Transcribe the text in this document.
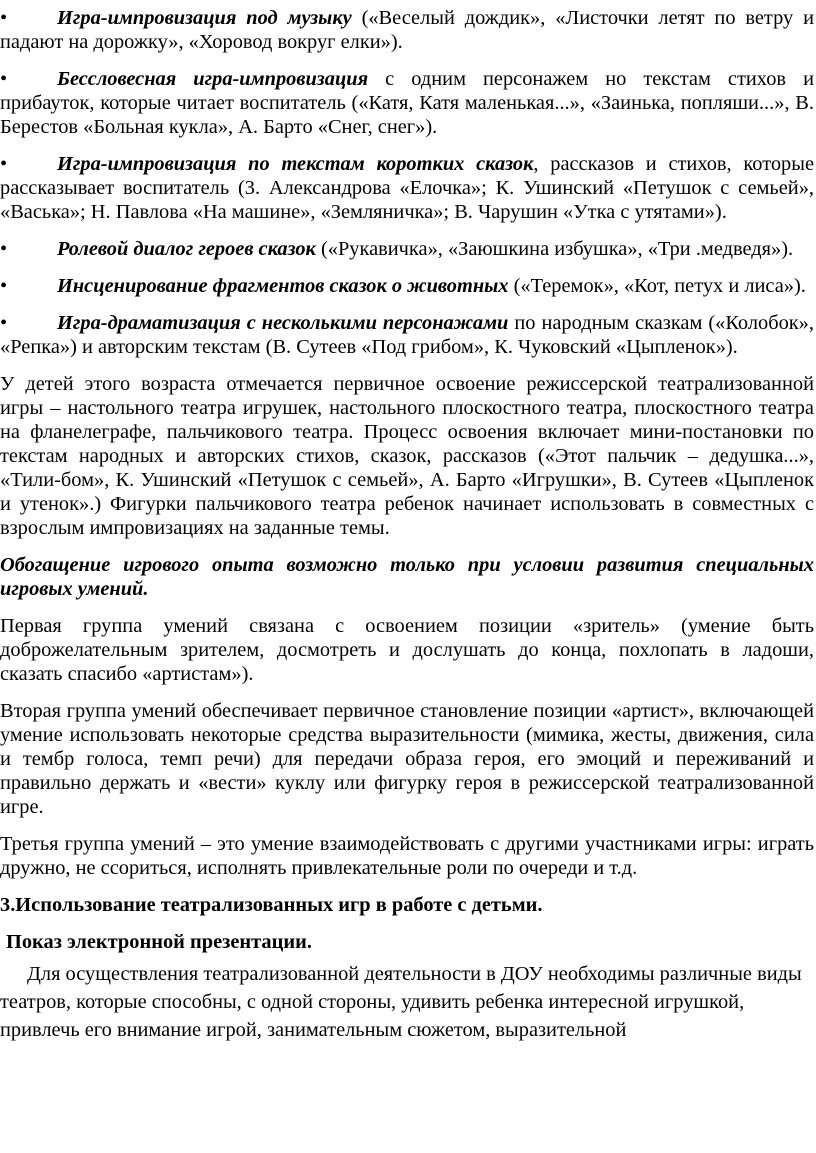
• Игра-импровизация под музыку («Веселый дождик», «Листочки летят по ветру и падают на дорожку», «Хоровод вокруг елки»).

• Бессловесная игра-импровизация с одним персонажем но текстам стихов и прибауток, которые читает воспитатель («Катя, Катя маленькая...», «Заинька, попляши...», В. Берестов «Больная кукла», А. Барто «Снег, снег»).

• Игра-импровизация по текстам коротких сказок, рассказов и стихов, которые рассказывает воспитатель (3. Александрова «Елочка»; К. Ушинский «Петушок с семьей», «Васька»; Н. Павлова «На машине», «Земляничка»; В. Чарушин «Утка с утятами»).

• Ролевой диалог героев сказок («Рукавичка», «Заюшкина избушка», «Три .медведя»).

• Инсценирование фрагментов сказок о животных («Теремок», «Кот, петух и лиса»).

• Игра-драматизация с несколькими персонажами по народным сказкам («Колобок», «Репка») и авторским текстам (В. Сутеев «Под грибом», К. Чуковский «Цыпленок»).

У детей этого возраста отмечается первичное освоение режиссерской театрализованной игры – настольного театра игрушек, настольного плоскостного театра, плоскостного театра на фланелеграфе, пальчикового театра. Процесс освоения включает мини-постановки по текстам народных и авторских стихов, сказок, рассказов («Этот пальчик – дедушка...», «Тили-бом», К. Ушинский «Петушок с семьей», А. Барто «Игрушки», В. Сутеев «Цыпленок и утенок».) Фигурки пальчикового театра ребенок начинает использовать в совместных с взрослым импровизациях на заданные темы.

Обогащение игрового опыта возможно только при условии развития специальных игровых умений.

Первая группа умений связана с освоением позиции «зритель» (умение быть доброжелательным зрителем, досмотреть и дослушать до конца, похлопать в ладоши, сказать спасибо «артистам»).

Вторая группа умений обеспечивает первичное становление позиции «артист», включающей умение использовать некоторые средства выразительности (мимика, жесты, движения, сила и тембр голоса, темп речи) для передачи образа героя, его эмоций и переживаний и правильно держать и «вести» куклу или фигурку героя в режиссерской театрализованной игре.

Третья группа умений – это умение взаимодействовать с другими участниками игры: играть дружно, не ссориться, исполнять привлекательные роли по очереди и т.д.

3.Использование театрализованных игр в работе с детьми.

Показ электронной презентации.

Для осуществления театрализованной деятельности в ДОУ необходимы различные виды театров, которые способны, с одной стороны, удивить ребенка интересной игрушкой, привлечь его внимание игрой, занимательным сюжетом, выразительной
